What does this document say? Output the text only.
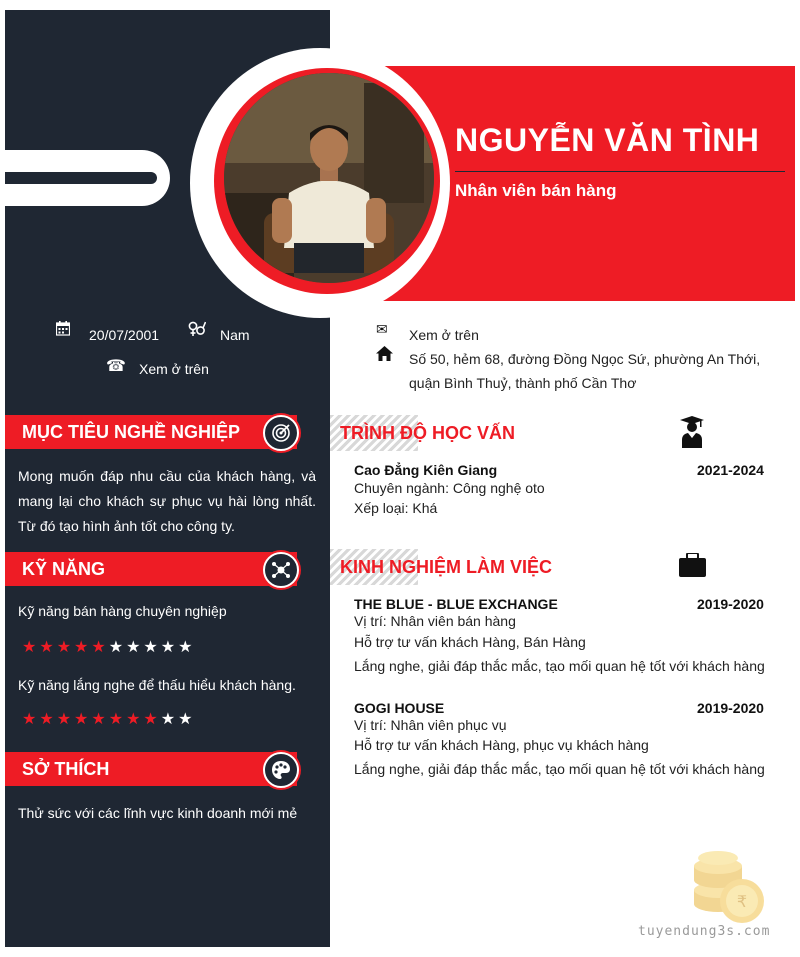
NGUYỄN VĂN TÌNH
Nhân viên bán hàng
20/07/2001	Nam
☎ Xem ở trên
✉ Xem ở trên
Số 50, hẻm 68, đường Đồng Ngọc Sứ, phường An Thới,
quận Bình Thuỷ, thành phố Cần Thơ
MỤC TIÊU NGHỀ NGHIỆP
Mong muốn đáp nhu cầu của khách hàng, và
mang lại cho khách sự phục vụ hài lòng nhất.
Từ đó tạo hình ảnh tốt cho công ty.
KỸ NĂNG
Kỹ năng bán hàng chuyên nghiệp
★★★★★★★★★★
Kỹ năng lắng nghe để thấu hiểu khách hàng.
★★★★★★★★★★
SỞ THÍCH
Thử sức với các lĩnh vực kinh doanh mới mẻ
TRÌNH ĐỘ HỌC VẤN
Cao Đẳng Kiên Giang	2021-2024
Chuyên ngành: Công nghệ oto
Xếp loại: Khá
KINH NGHIỆM LÀM VIỆC
THE BLUE - BLUE EXCHANGE	2019-2020
Vị trí: Nhân viên bán hàng
Hỗ trợ tư vấn khách Hàng, Bán Hàng
Lắng nghe, giải đáp thắc mắc, tạo mối quan hệ tốt với khách hàng
GOGI HOUSE	2019-2020
Vị trí: Nhân viên phục vụ
Hỗ trợ tư vấn khách Hàng, phục vụ khách hàng
Lắng nghe, giải đáp thắc mắc, tạo mối quan hệ tốt với khách hàng
₹
tuyendung3s.com
